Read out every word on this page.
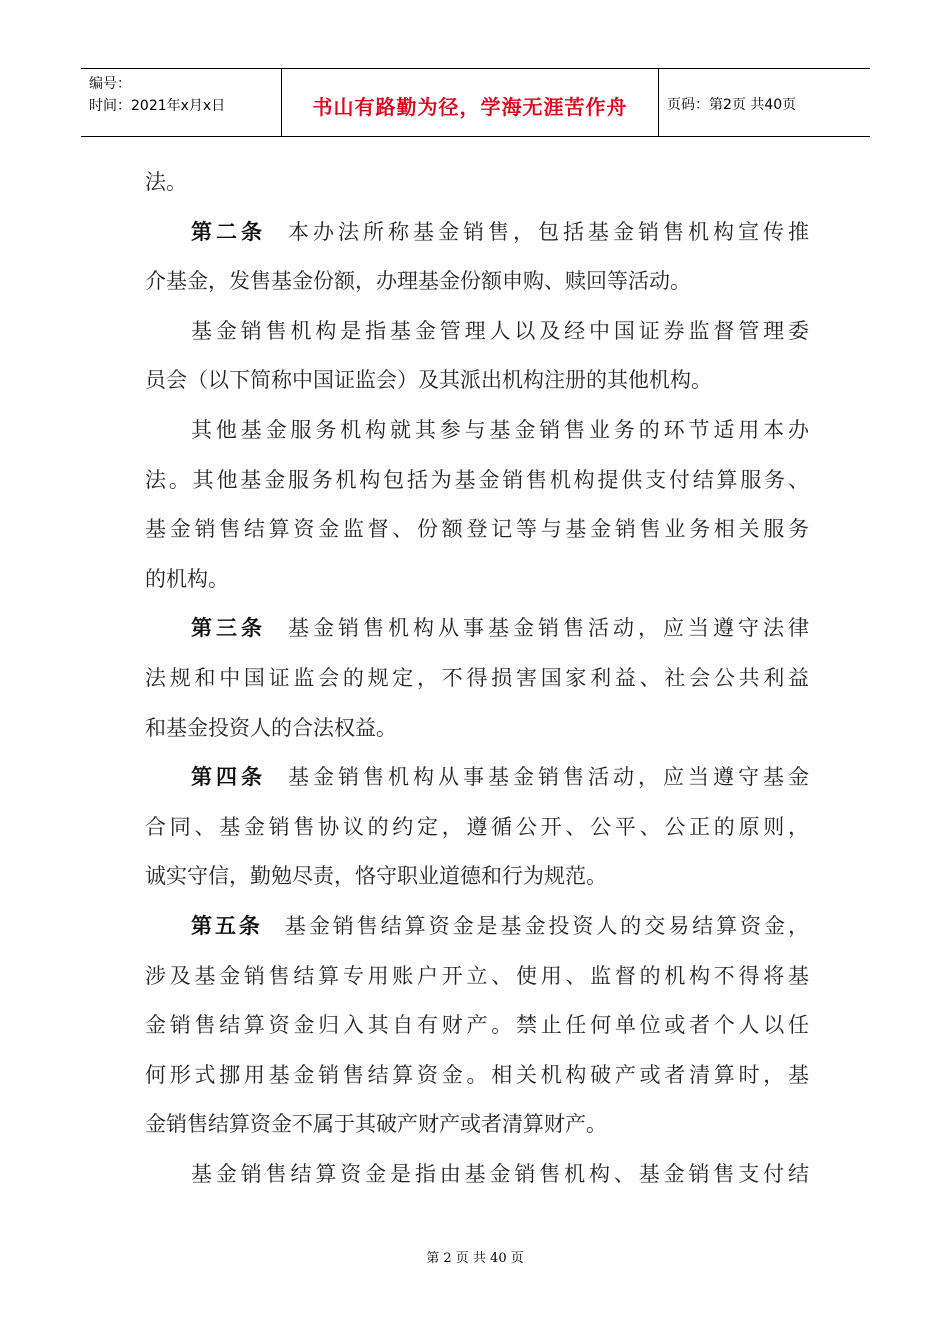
编号：
时间：2021年x月x日	书山有路勤为径，学海无涯苦作舟	页码：第2页 共40页
法。
第二条 本办法所称基金销售，包括基金销售机构宣传推
介基金，发售基金份额，办理基金份额申购、赎回等活动。
基金销售机构是指基金管理人以及经中国证券监督管理委
员会（以下简称中国证监会）及其派出机构注册的其他机构。
其他基金服务机构就其参与基金销售业务的环节适用本办
法。其他基金服务机构包括为基金销售机构提供支付结算服务、
基金销售结算资金监督、份额登记等与基金销售业务相关服务
的机构。
第三条 基金销售机构从事基金销售活动，应当遵守法律
法规和中国证监会的规定，不得损害国家利益、社会公共利益
和基金投资人的合法权益。
第四条 基金销售机构从事基金销售活动，应当遵守基金
合同、基金销售协议的约定，遵循公开、公平、公正的原则，
诚实守信，勤勉尽责，恪守职业道德和行为规范。
第五条 基金销售结算资金是基金投资人的交易结算资金，
涉及基金销售结算专用账户开立、使用、监督的机构不得将基
金销售结算资金归入其自有财产。禁止任何单位或者个人以任
何形式挪用基金销售结算资金。相关机构破产或者清算时，基
金销售结算资金不属于其破产财产或者清算财产。
基金销售结算资金是指由基金销售机构、基金销售支付结
第 2 页 共 40 页
